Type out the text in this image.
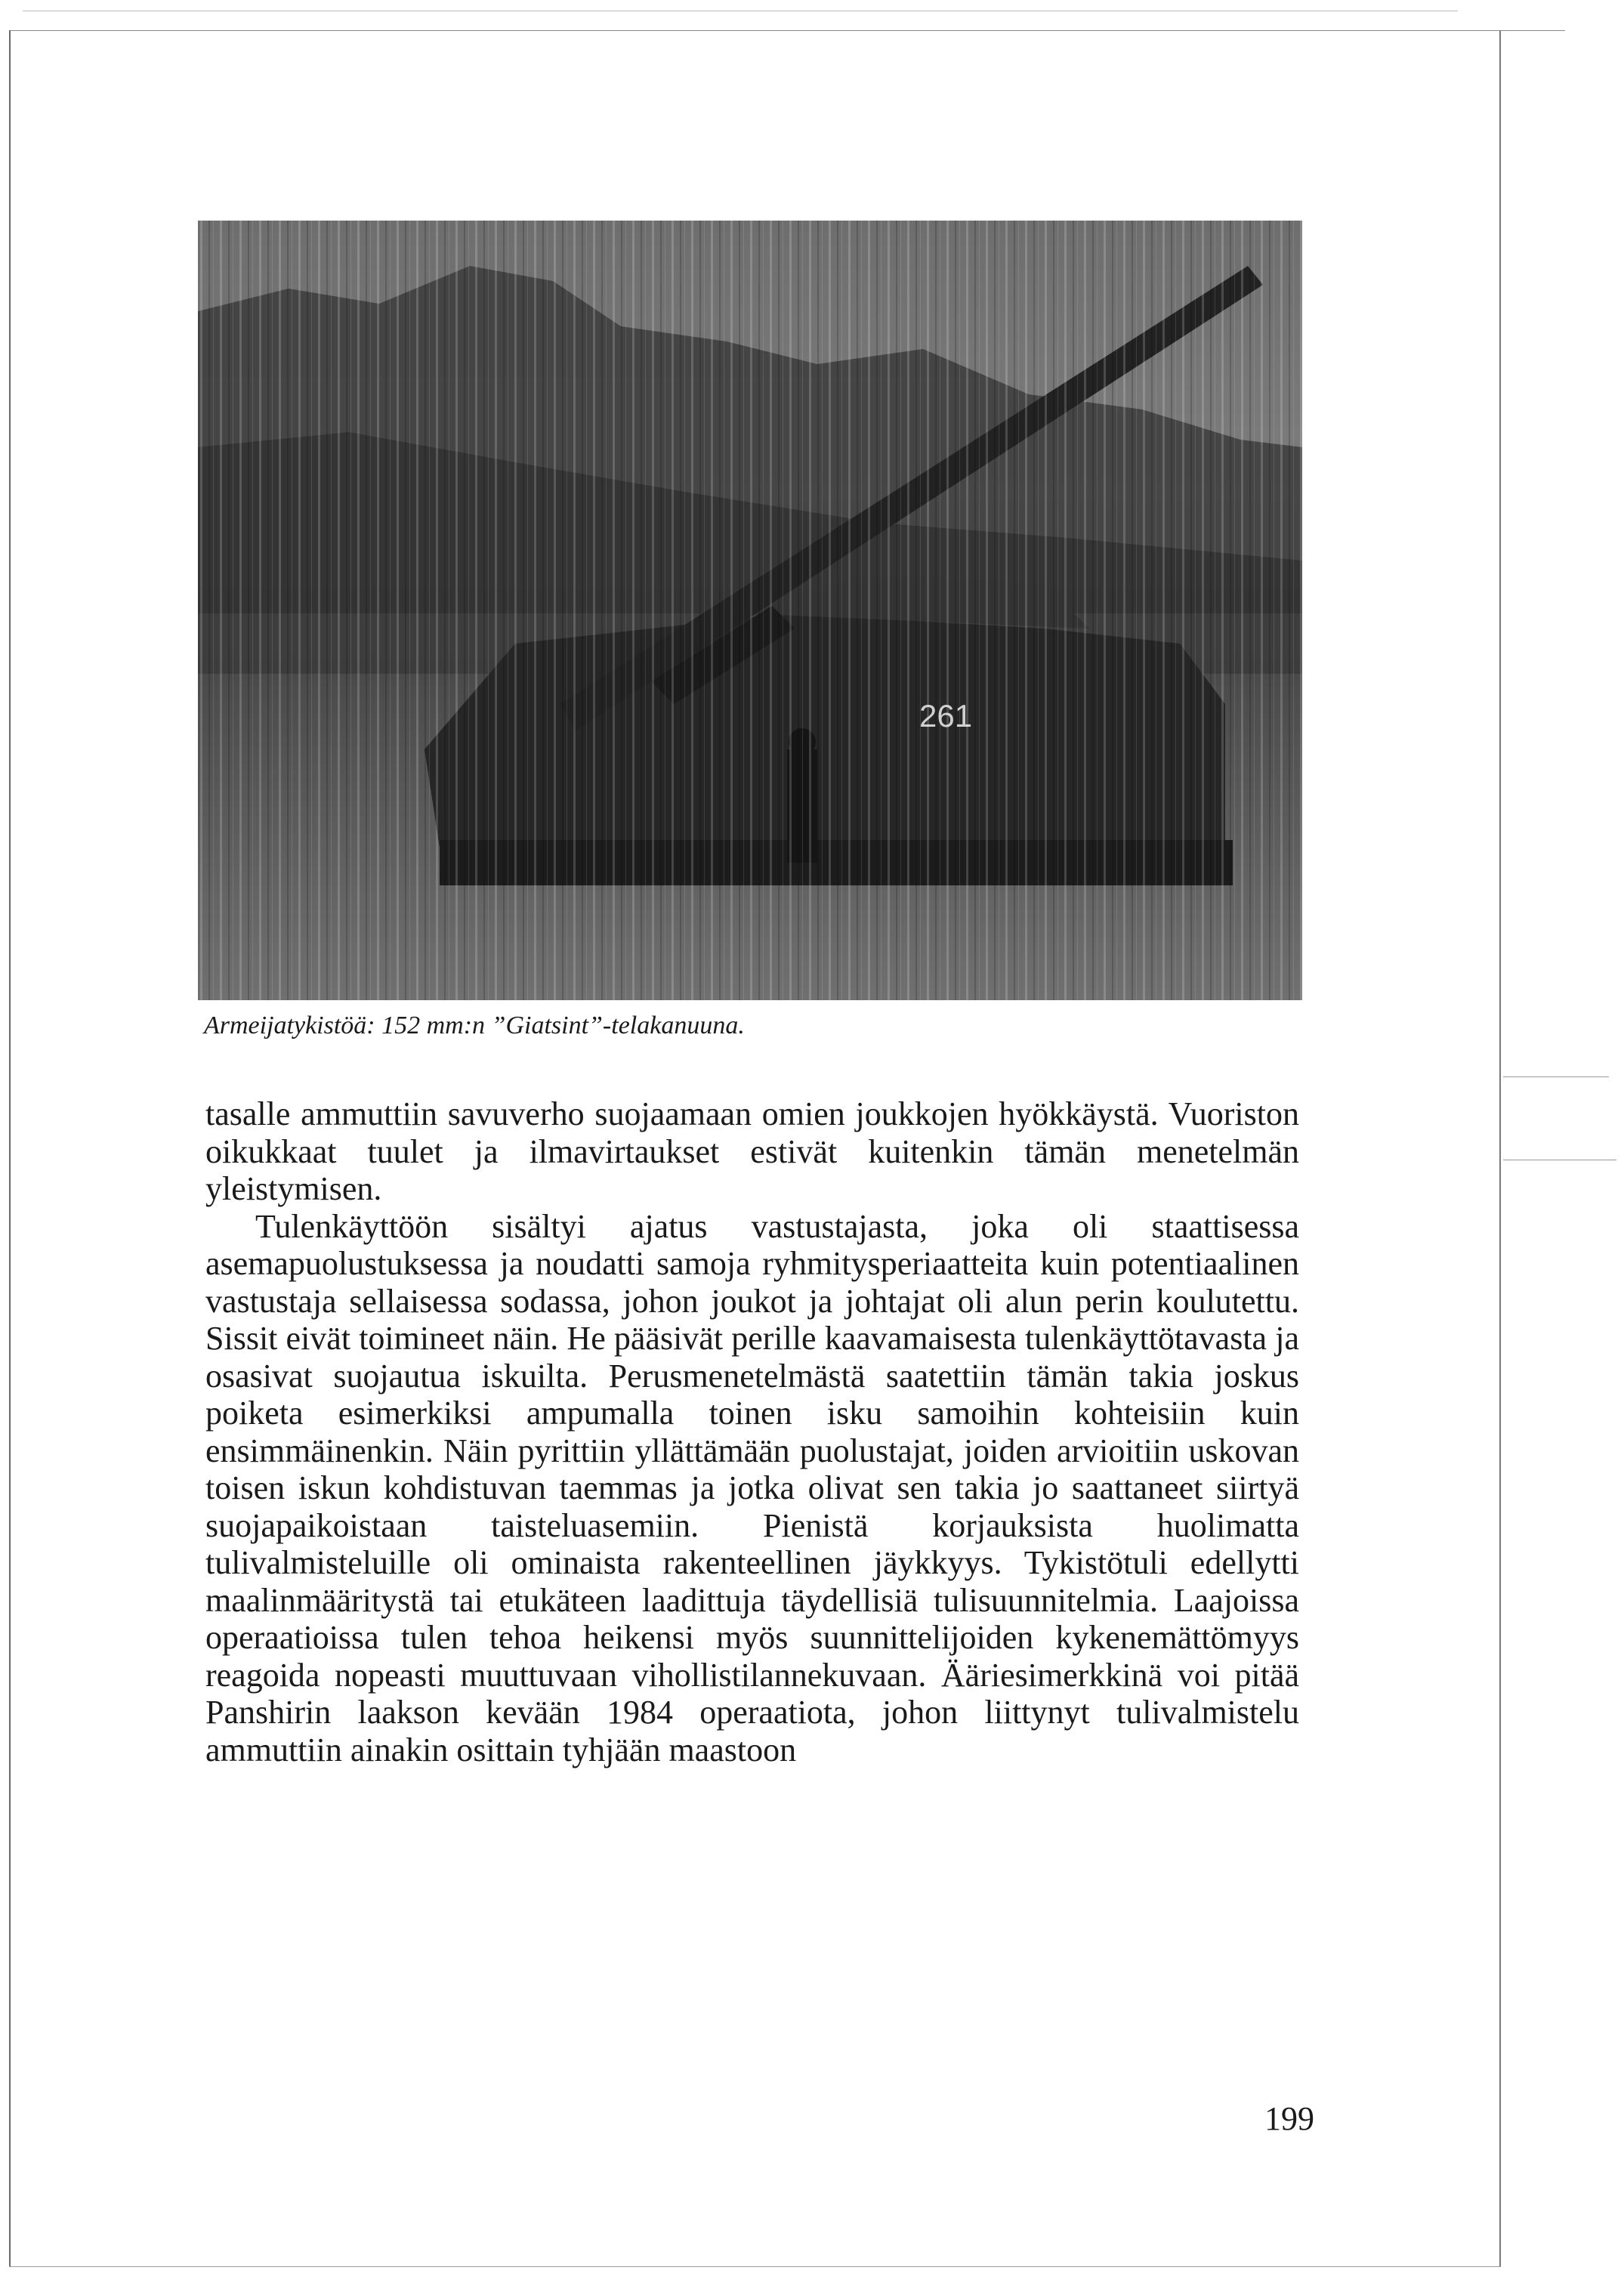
Armeijatykistöä: 152 mm:n ”Giatsint”-telakanuuna.

tasalle ammuttiin savuverho suojaamaan omien joukkojen hyökkäystä. Vuoriston oikukkaat tuulet ja ilmavirtaukset estivät kuitenkin tämän menetelmän yleistymisen.

Tulenkäyttöön sisältyi ajatus vastustajasta, joka oli staattisessa asemapuolustuksessa ja noudatti samoja ryhmitysperiaatteita kuin potentiaalinen vastustaja sellaisessa sodassa, johon joukot ja johtajat oli alun perin koulutettu. Sissit eivät toimineet näin. He pääsivät perille kaavamaisesta tulenkäyttötavasta ja osasivat suojautua iskuilta. Perusmenetelmästä saatettiin tämän takia joskus poiketa esimerkiksi ampumalla toinen isku samoihin kohteisiin kuin ensimmäinenkin. Näin pyrittiin yllättämään puolustajat, joiden arvioitiin uskovan toisen iskun kohdistuvan taemmas ja jotka olivat sen takia jo saattaneet siirtyä suojapaikoistaan taisteluasemiin. Pienistä korjauksista huolimatta tulivalmisteluille oli ominaista rakenteellinen jäykkyys. Tykistötuli edellytti maalinmääritystä tai etukäteen laadittuja täydellisiä tulisuunnitelmia. Laajoissa operaatioissa tulen tehoa heikensi myös suunnittelijoiden kykenemättömyys reagoida nopeasti muuttuvaan vihollistilannekuvaan. Ääriesimerkkinä voi pitää Panshirin laakson kevään 1984 operaatiota, johon liittynyt tulivalmistelu ammuttiin ainakin osittain tyhjään maastoon

199
